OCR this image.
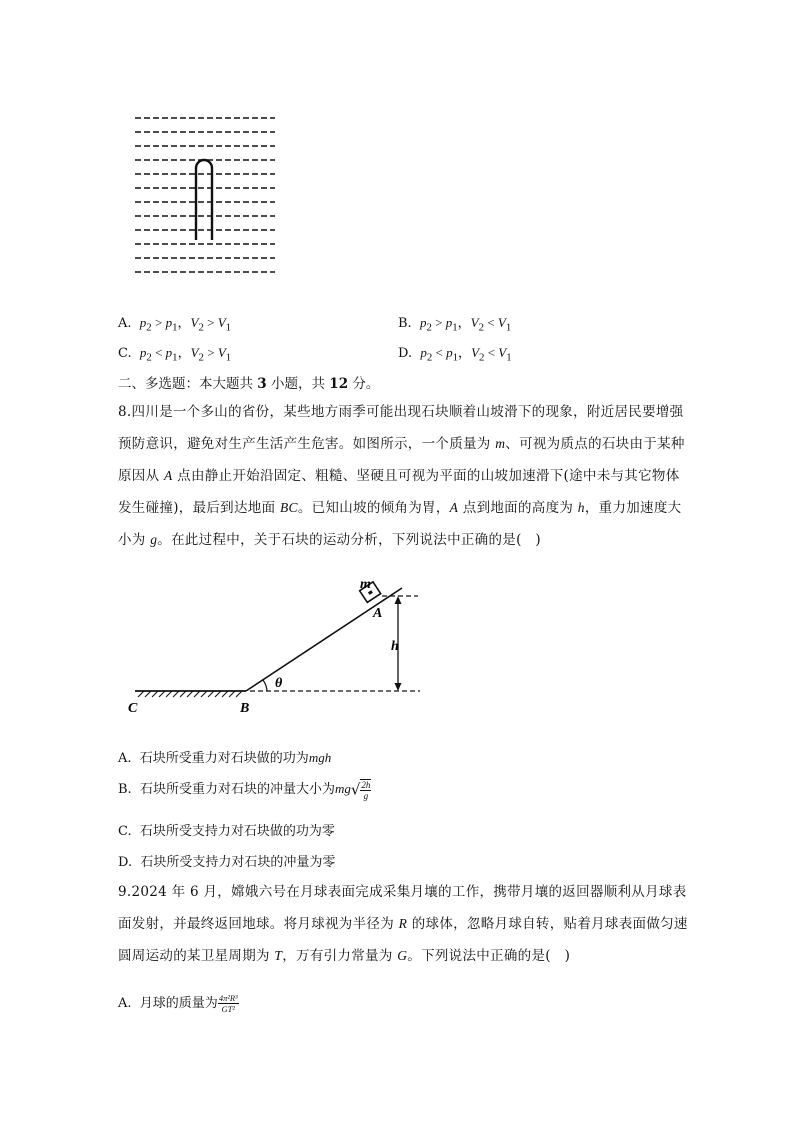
A. $p_2 > p_1$，$V_2 > V_1$	B. $p_2 > p_1$，$V_2 < V_1$
C. $p_2 < p_1$，$V_2 > V_1$	D. $p_2 < p_1$，$V_2 < V_1$
二、多选题：本大题共 3 小题，共 12 分。
8.四川是一个多山的省份，某些地方雨季可能出现石块顺着山坡滑下的现象，附近居民要增强预防意识，避免对生产生活产生危害。如图所示，一个质量为 m、可视为质点的石块由于某种原因从 A 点由静止开始沿固定、粗糙、坚硬且可视为平面的山坡加速滑下(途中未与其它物体发生碰撞)，最后到达地面 BC。已知山坡的倾角为胃，A 点到地面的高度为 h，重力加速度大小为 g。在此过程中，关于石块的运动分析，下列说法中正确的是(　)
m
A
h
θ
B
C
A. 石块所受重力对石块做的功为mgh
B. 石块所受重力对石块的冲量大小为$mg√ \frac{2h}{g}$
C. 石块所受支持力对石块做的功为零
D. 石块所受支持力对石块的冲量为零
9.2024 年 6 月，嫦娥六号在月球表面完成采集月壤的工作，携带月壤的返回器顺利从月球表面发射，并最终返回地球。将月球视为半径为 R 的球体，忽略月球自转，贴着月球表面做匀速圆周运动的某卫星周期为 T，万有引力常量为 G。下列说法中正确的是(　)
A. 月球的质量为 $\frac{\text{4π²R³}}{\text{GT²}}$
